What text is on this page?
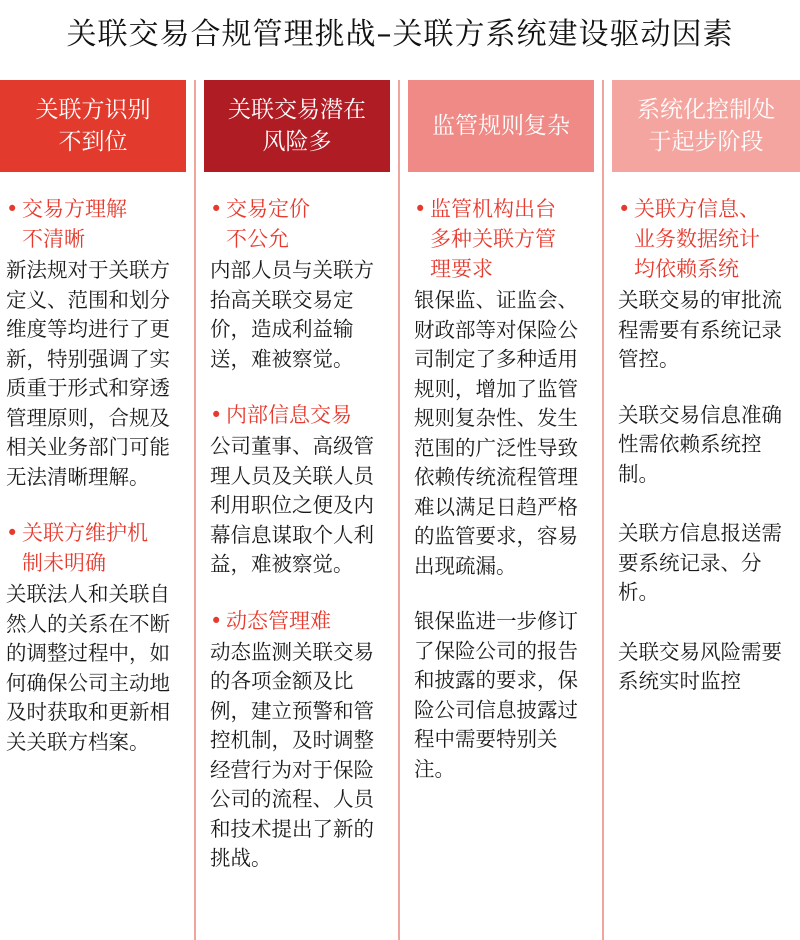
关联交易合规管理挑战–关联方系统建设驱动因素
关联方识别
不到位
• 交易方理解
不清晰
新法规对于关联方定义、范围和划分维度等均进行了更新，特别强调了实质重于形式和穿透管理原则，合规及相关业务部门可能无法清晰理解。
• 关联方维护机
制未明确
关联法人和关联自然人的关系在不断的调整过程中，如何确保公司主动地及时获取和更新相关关联方档案。
关联交易潜在
风险多
• 交易定价
不公允
内部人员与关联方抬高关联交易定价，造成利益输送，难被察觉。
• 内部信息交易
公司董事、高级管理人员及关联人员利用职位之便及内幕信息谋取个人利益，难被察觉。
• 动态管理难
动态监测关联交易的各项金额及比例，建立预警和管控机制，及时调整经营行为对于保险公司的流程、人员和技术提出了新的挑战。
监管规则复杂
• 监管机构出台
多种关联方管
理要求
银保监、证监会、财政部等对保险公司制定了多种适用规则，增加了监管规则复杂性、发生范围的广泛性导致依赖传统流程管理难以满足日趋严格的监管要求，容易出现疏漏。
银保监进一步修订了保险公司的报告和披露的要求，保险公司信息披露过程中需要特别关注。
系统化控制处
于起步阶段
• 关联方信息、
业务数据统计
均依赖系统
关联交易的审批流程需要有系统记录管控。
关联交易信息准确性需依赖系统控制。
关联方信息报送需要系统记录、分析。
关联交易风险需要系统实时监控
